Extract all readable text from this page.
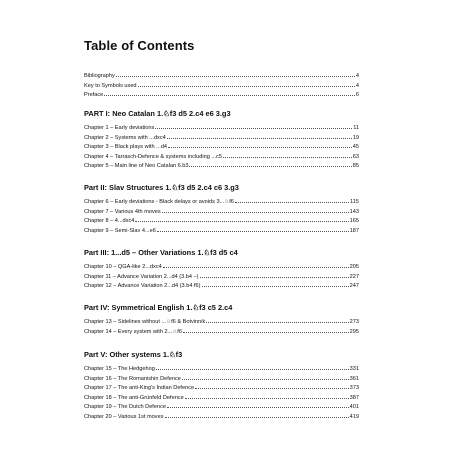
Table of Contents
Bibliography	4
Key to Symbols used	4
Preface	6
PART I: Neo Catalan 1.♘f3 d5 2.c4 e6 3.g3
Chapter 1 – Early deviations	11
Chapter 2 – Systems with ...dxc4	19
Chapter 3 – Black plays with ...d4	45
Chapter 4 – Tarrasch-Defence & systems including ...c5	63
Chapter 5 – Main line of Neo Catalan 6.b3	85
Part II: Slav Structures 1.♘f3 d5 2.c4 c6 3.g3
Chapter 6 – Early deviations - Black delays or avoids 3...♘f6	115
Chapter 7 – Various 4th moves	143
Chapter 8 – 4...dxc4	165
Chapter 9 – Semi-Slav 4...e6	187
Part III: 1...d5 – Other Variations 1.♘f3 d5 c4
Chapter 10 – QGA-like 2...dxc4	205
Chapter 11 – Advance Variation 2...d4 (3.b4 –)	227
Chapter 12 – Advance Variation 2...d4 (3.b4 f6)	247
Part IV: Symmetrical English 1.♘f3 c5 2.c4
Chapter 13 – Sidelines without ...♘f6 & Botvinnik	273
Chapter 14 – Every system with 2...♘f6	295
Part V: Other systems 1.♘f3
Chapter 15 – The Hedgehog	331
Chapter 16 – The Romanishin Defence	361
Chapter 17 – The anti-King's Indian Defence	373
Chapter 18 – The anti-Grünfeld Defence	387
Chapter 19 – The Dutch Defence	401
Chapter 20 – Various 1st moves	419
